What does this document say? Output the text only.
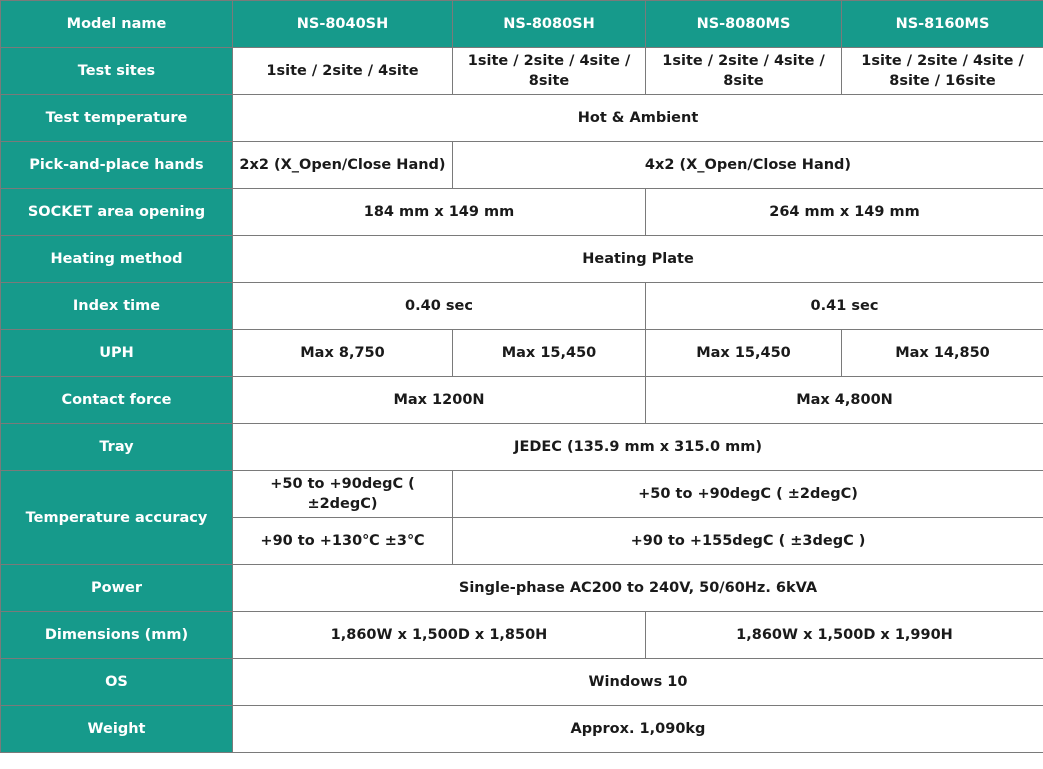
Model name	NS-8040SH	NS-8080SH	NS-8080MS	NS-8160MS
Test sites	1site / 2site / 4site	1site / 2site / 4site / 8site	1site / 2site / 4site / 8site	1site / 2site / 4site / 8site / 16site
Test temperature	Hot & Ambient			
Pick-and-place hands	2x2 (X_Open/Close Hand)	4x2 (X_Open/Close Hand)		
SOCKET area opening	184 mm x 149 mm		264 mm x 149 mm	
Heating method	Heating Plate			
Index time	0.40 sec		0.41 sec	
UPH	Max 8,750	Max 15,450	Max 15,450	Max 14,850
Contact force	Max 1200N		Max 4,800N	
Tray	JEDEC (135.9 mm x 315.0 mm)			
Temperature accuracy	+50 to +90degC ( ±2degC)	+50 to +90degC ( ±2degC)		
	+90 to +130℃ ±3℃	+90 to +155degC ( ±3degC )		
Power	Single-phase AC200 to 240V, 50/60Hz. 6kVA			
Dimensions (mm)	1,860W x 1,500D x 1,850H		1,860W x 1,500D x 1,990H	
OS	Windows 10			
Weight	Approx. 1,090kg			
